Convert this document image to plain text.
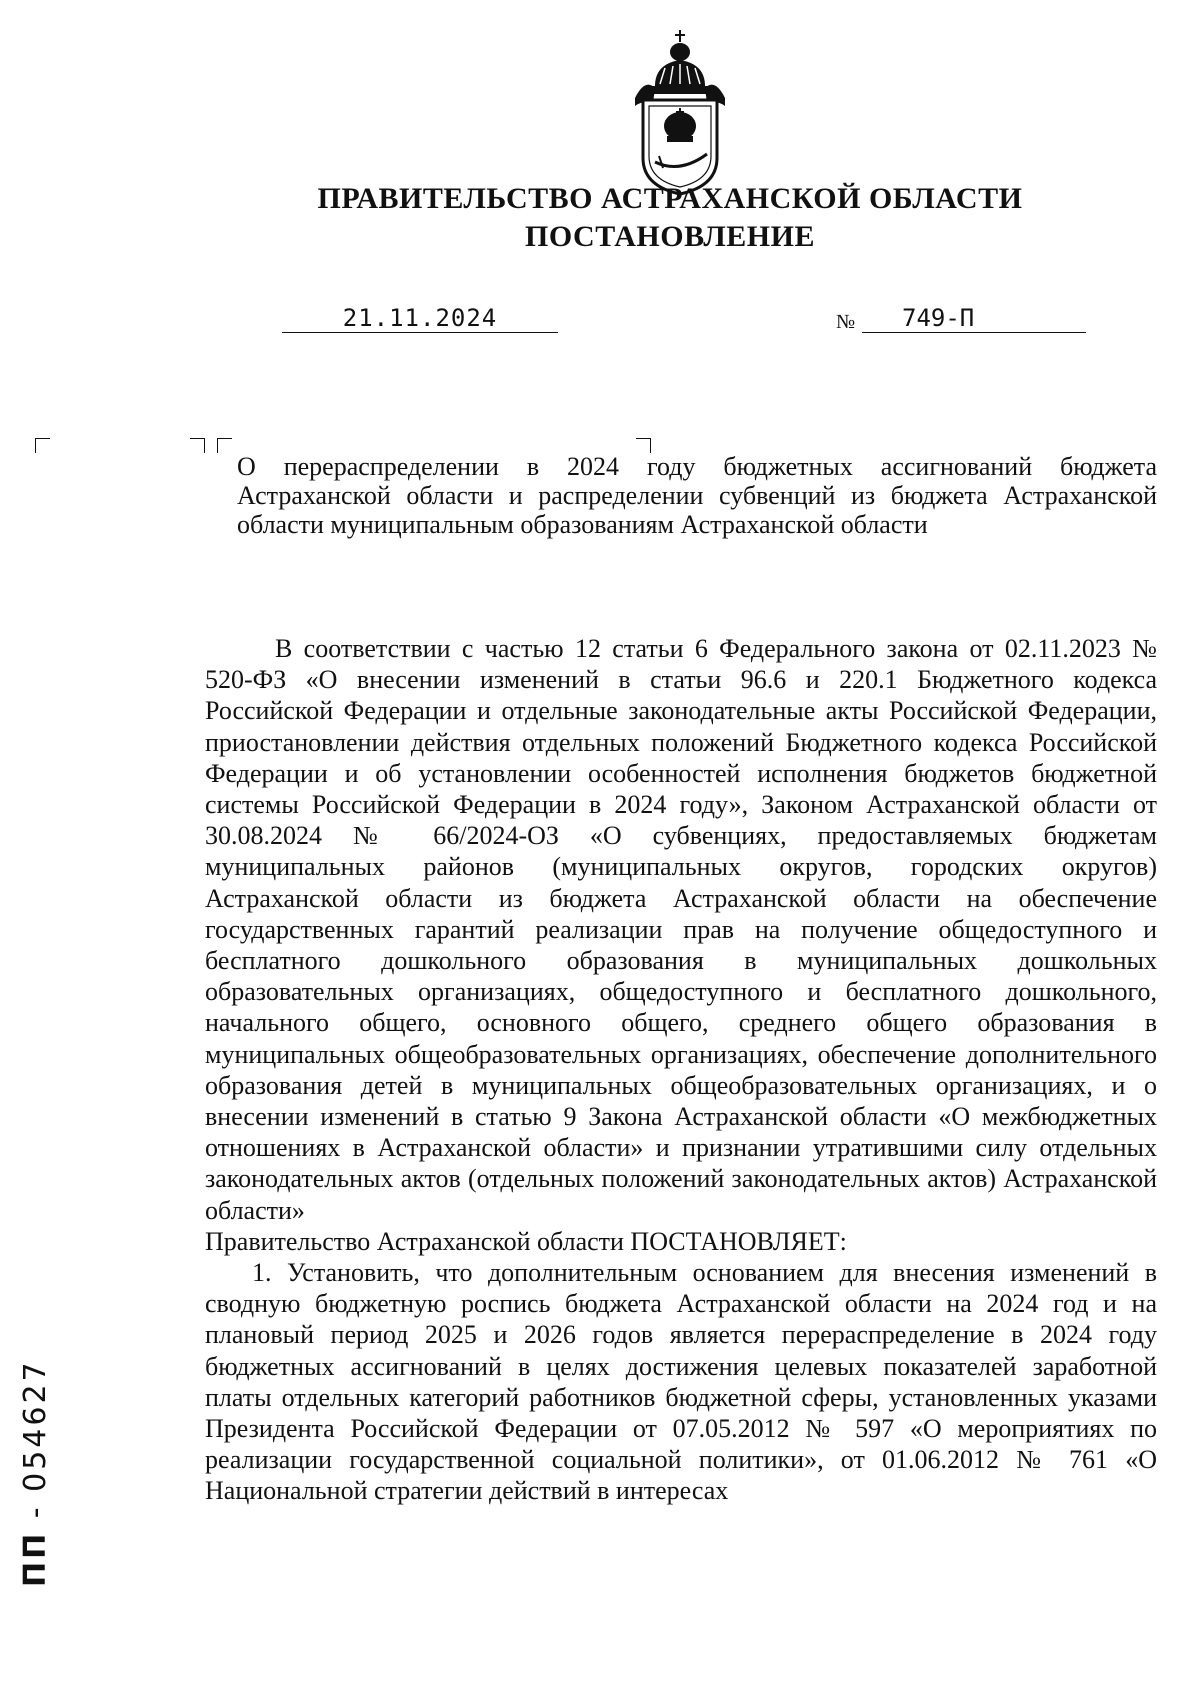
ПРАВИТЕЛЬСТВО АСТРАХАНСКОЙ ОБЛАСТИ
ПОСТАНОВЛЕНИЕ
21.11.2024	№	749-П
О перераспределении в 2024 году бюджетных ассигнований бюджета Астраханской области и распределении субвенций из бюджета Астраханской области муниципальным образованиям Астраханской области

В соответствии с частью 12 статьи 6 Федерального закона от 02.11.2023 № 520-ФЗ «О внесении изменений в статьи 96.6 и 220.1 Бюджетного кодекса Российской Федерации и отдельные законодательные акты Российской Федерации, приостановлении действия отдельных положений Бюджетного кодекса Российской Федерации и об установлении особенностей исполнения бюджетов бюджетной системы Российской Федерации в 2024 году», Законом Астраханской области от 30.08.2024 № 66/2024-ОЗ «О субвенциях, предоставляемых бюджетам муниципальных районов (муниципальных округов, городских округов) Астраханской области из бюджета Астраханской области на обеспечение государственных гарантий реализации прав на получение общедоступного и бесплатного дошкольного образования в муниципальных дошкольных образовательных организациях, общедоступного и бесплатного дошкольного, начального общего, основного общего, среднего общего образования в муниципальных общеобразовательных организациях, обеспечение дополнительного образования детей в муниципальных общеобразовательных организациях, и о внесении изменений в статью 9 Закона Астраханской области «О межбюджетных отношениях в Астраханской области» и признании утратившими силу отдельных законодательных актов (отдельных положений законодательных актов) Астраханской области»

Правительство Астраханской области ПОСТАНОВЛЯЕТ:

1. Установить, что дополнительным основанием для внесения изменений в сводную бюджетную роспись бюджета Астраханской области на 2024 год и на плановый период 2025 и 2026 годов является перераспределение в 2024 году бюджетных ассигнований в целях достижения целевых показателей заработной платы отдельных категорий работников бюджетной сферы, установленных указами Президента Российской Федерации от 07.05.2012 № 597 «О мероприятиях по реализации государственной социальной политики», от 01.06.2012 № 761 «О Национальной стратегии действий в интересах

ПП - 054627
